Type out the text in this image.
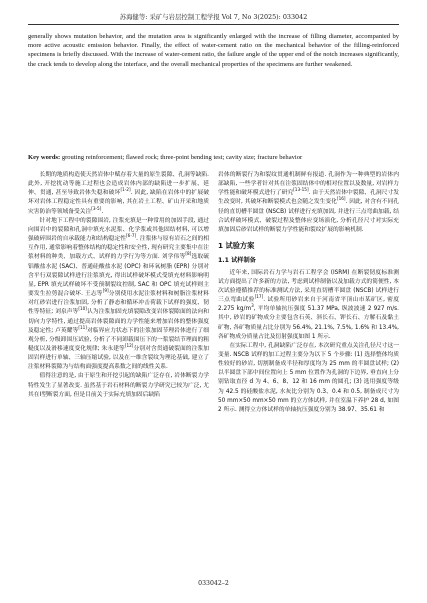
苏海健等: 采矿与岩层控制工程学报 Vol 7, No 3(2025): 033042
generally shows mutation behavior, and the mutation area is significantly enlarged with the increase of filling diameter, accompanied by more active acoustic emission behavior. Finally, the effect of water-cement ratio on the mechanical behavior of the filling-reinforced specimens is briefly discussed. With the increase of water-cement ratio, the failure angle of the upper end of the notch increases significantly, the crack tends to develop along the interface, and the overall mechanical properties of the specimens are further weakened.
Key words: grouting reinforcement; flawed rock; three-point bending test; cavity size; fracture behavior

长期的地质构造使天然岩体中赋存着大量的原生裂隙、孔洞等缺陷. 此外, 开挖扰动等施工过程也会造成岩体内部的缺陷进一步扩展、延伸、贯通, 甚至导致岩体失稳和破坏[1-2]. 因此, 缺陷在岩体中的扩展破坏对岩体工程稳定性具有重要的影响, 其在岩土工程、矿山开采和地质灾害防治等领域备受关注[3-5].

针对地下工程中的裂隙围岩, 注浆充填是一种常用的加固手段, 通过向围岩中的裂隙和孔洞中填充水泥浆、化学浆或其他固结材料, 可以增强破碎围岩的自承载能力和结构稳定性[6-7]. 注浆体与原有岩石之间的相互作用, 通常影响着整体结构的稳定性和安全性, 现有研究主要集中在注浆材料的种类、加载方式、试样的力学行为等方面. 刘学伟等[8]选取硫铝酸盐水泥 (SAC)、普通硅酸盐水泥 (OPC) 和环氧树脂 (EPR) 分别对含平行双裂隙试样进行注浆填充, 得出试样破坏模式受填充材料影响明显, EPR 填充试样破坏不受预制裂纹控制, SAC 和 OPC 填充试样则主要发生拉剪混合破坏. 王志等[9]分别使用水泥注浆材料和树脂注浆材料对红砂岩进行注浆加固, 分析了静态和循环冲击荷载下试样的强度、韧性等特征; 刘泉声等[10]认为注浆加固充填裂隙改变岩体裂隙面的法向和切向力学特性, 通过提高岩体裂隙面的力学性能来增加岩体的整体强度及稳定性; 卢英耀等[11]对临界应力状态下的注浆加固节理岩体进行了细观分析, 分级卸围压试验, 分析了不同卸载围压下的一浆裂结节理面的粗糙度以及滑移速度变化规律; 朱永建等[12]分别对含贯通破裂面的注浆加固岩样进行单轴、三轴压缩试验, 以及在一维含裂纹为理论基础, 建立了注浆材料裂隙为与结构面强度提高系数之间的线性关系.

值得注意的是, 由于原生和开挖引起的缺陷广泛存在, 岩体断裂力学特性发生了显著改变. 虽然基于岩石材料的断裂力学研究已较为广泛, 尤其在I型断裂方面, 但是目前关于实际充填加固后缺陷

岩体的断裂行为和裂纹贯通机制鲜有报道. 孔洞作为一种典型的岩体内部缺陷, 一些学者针对其在注浆固结体中的相对位置以及数量, 对岩样力学性能和破坏模式进行了研究[13-15]. 由于天然岩体中裂隙、孔洞尺寸发生改变时, 其破坏和断裂模式也会随之发生变化[16]. 因此, 对含有不同孔径的直切槽半圆盘 (NSCB) 试样进行充填加固, 并进行三点弯曲加载, 结合试样破坏模式、破裂过程及整体应变场演化, 分析孔径尺寸对实际充填加固后砂岩试样的断裂力学性能和裂纹扩展的影响机制.

1 试验方案
1.1 试样制备

近年来, 国际岩石力学与岩石工程学会 (ISRM) 在断裂韧度标准测试方面提出了许多新的方法, 考虑到试样制备以及加载方式的简便性, 本次试验遵循推荐的标准测试方法, 采用直切槽半圆盘 (NSCB) 试样进行三点弯曲试验[17]. 试验所用砂岩来自于河南省平顶山市某矿区, 密度 2.275 $kg/m^3$, 平均单轴抗压强度 51.37 MPa, 纵波波速 2 927 m/s. 其中, 砂岩的矿物成分主要包含石英、斜长石、钾长石、方解石及黏土矿物, 各矿物质量占比分别为 56.4%, 21.1%, 7.5%, 1.6% 和 13.4%, 各矿物成分质量占比及衍射强度如图 1 所示.

在实际工程中, 孔洞缺陷广泛存在, 本次研究重点关注孔径尺寸这一变量. NSCB 试样的加工过程主要分为以下 5 个步骤: (1) 选择整体均质性较好的砂岩, 切割制备成半径和厚度均为 25 mm 的半圆盘试样; (2) 以半圆盘下部中间位置向上 5 mm 位置作为孔洞的下边界, 垂直向上分别钻取直径 d 为 4、6、8、12 和 16 mm 的圆孔; (3) 选用强度等级为 42.5 的硅酸盐水泥, 水灰比分别为 0.3、0.4 和 0.5, 制备成尺寸为 50 mm×50 mm×50 mm 的立方体试样, 并在室温下养护 28 d, 如图 2 所示. 测得立方体试样的单轴抗压强度分别为 38.97、35.61 和

033042–2
